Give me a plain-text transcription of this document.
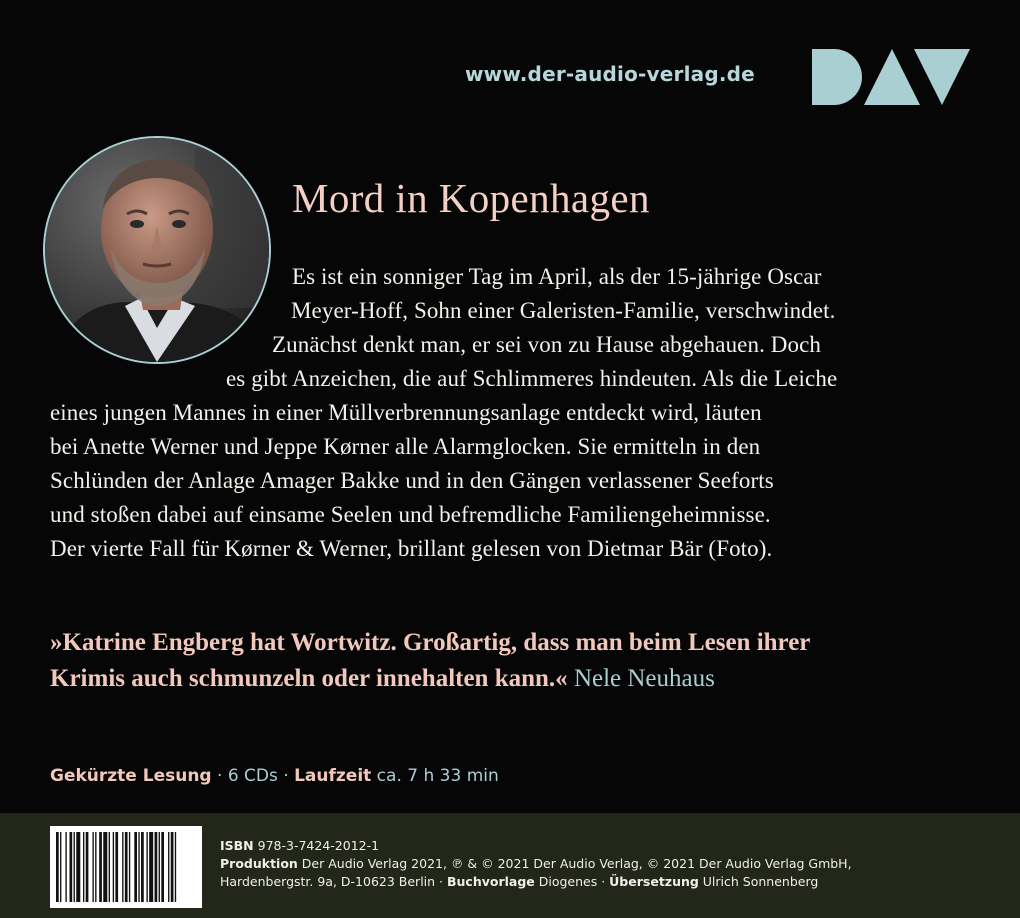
www.der-audio-verlag.de
Mord in Kopenhagen
Es ist ein sonniger Tag im April, als der 15-jährige Oscar
Meyer-Hoff, Sohn einer Galeristen-Familie, verschwindet.
Zunächst denkt man, er sei von zu Hause abgehauen. Doch
es gibt Anzeichen, die auf Schlimmeres hindeuten. Als die Leiche
eines jungen Mannes in einer Müllverbrennungsanlage entdeckt wird, läuten
bei Anette Werner und Jeppe Kørner alle Alarmglocken. Sie ermitteln in den
Schlünden der Anlage Amager Bakke und in den Gängen verlassener Seeforts
und stoßen dabei auf einsame Seelen und befremdliche Familiengeheimnisse.
Der vierte Fall für Kørner & Werner, brillant gelesen von Dietmar Bär (Foto).
»Katrine Engberg hat Wortwitz. Großartig, dass man beim Lesen ihrer
Krimis auch schmunzeln oder innehalten kann.« Nele Neuhaus
Gekürzte Lesung · 6 CDs · Laufzeit ca. 7 h 33 min
ISBN 978-3-7424-2012-1
Produktion Der Audio Verlag 2021, ℗ & © 2021 Der Audio Verlag, © 2021 Der Audio Verlag GmbH,
Hardenbergstr. 9a, D-10623 Berlin · Buchvorlage Diogenes · Übersetzung Ulrich Sonnenberg
